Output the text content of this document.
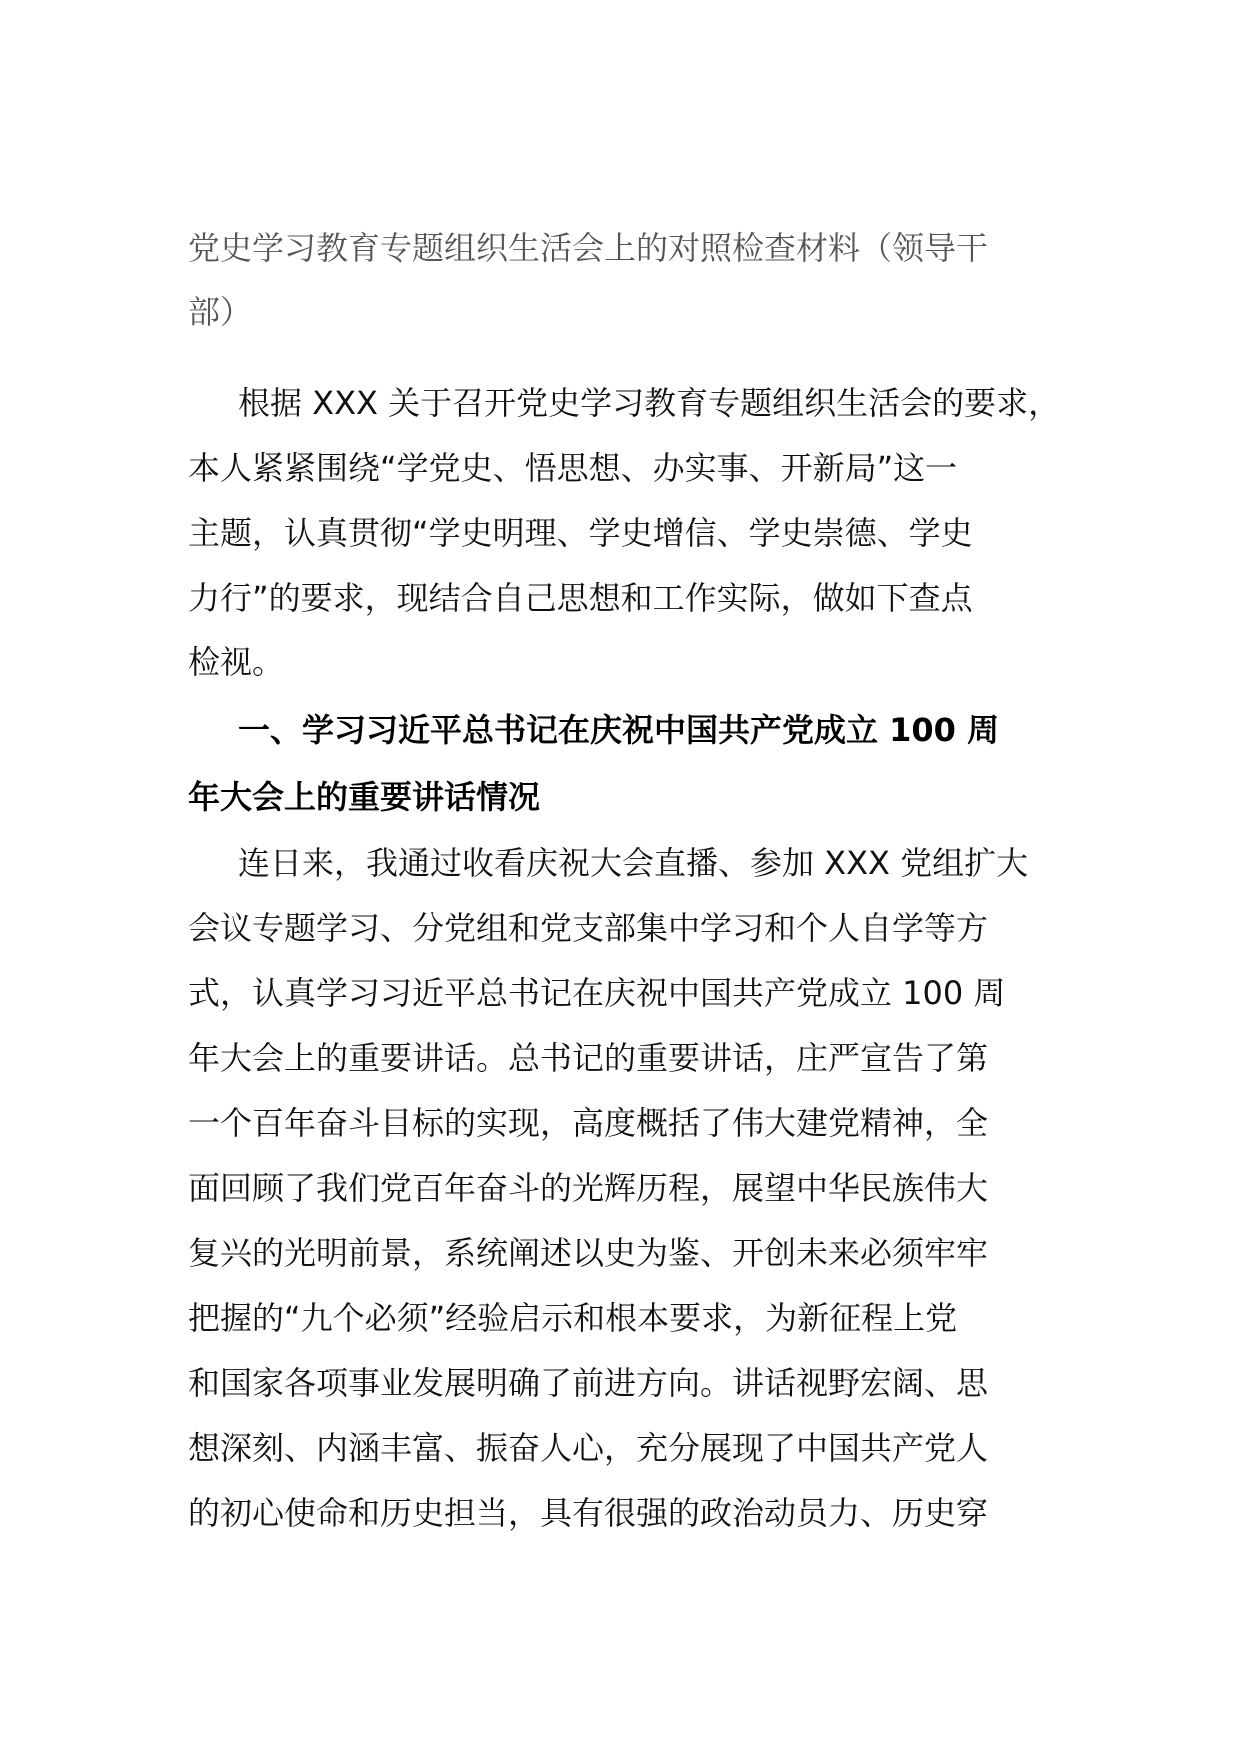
党史学习教育专题组织生活会上的对照检查材料（领导干
部）
根据 XXX 关于召开党史学习教育专题组织生活会的要求，
本人紧紧围绕“学党史、悟思想、办实事、开新局”这一
主题，认真贯彻“学史明理、学史增信、学史崇德、学史
力行”的要求，现结合自己思想和工作实际，做如下查点
检视。
一、学习习近平总书记在庆祝中国共产党成立 100 周
年大会上的重要讲话情况
连日来，我通过收看庆祝大会直播、参加 XXX 党组扩大
会议专题学习、分党组和党支部集中学习和个人自学等方
式，认真学习习近平总书记在庆祝中国共产党成立 100 周
年大会上的重要讲话。总书记的重要讲话，庄严宣告了第
一个百年奋斗目标的实现，高度概括了伟大建党精神，全
面回顾了我们党百年奋斗的光辉历程，展望中华民族伟大
复兴的光明前景，系统阐述以史为鉴、开创未来必须牢牢
把握的“九个必须”经验启示和根本要求，为新征程上党
和国家各项事业发展明确了前进方向。讲话视野宏阔、思
想深刻、内涵丰富、振奋人心，充分展现了中国共产党人
的初心使命和历史担当，具有很强的政治动员力、历史穿
